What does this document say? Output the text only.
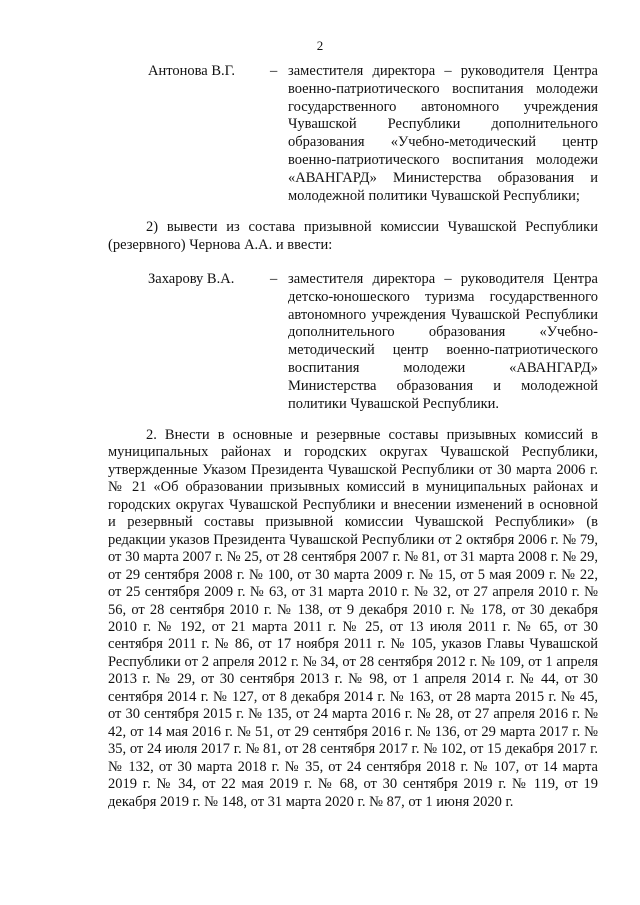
2
Антонова В.Г. – заместителя директора – руководителя Центра военно-патриотического воспитания молодежи государственного автономного учреждения Чувашской Республики дополнительного образования «Учебно-методический центр военно-патриотического воспитания молодежи «АВАНГАРД» Министерства образования и молодежной политики Чувашской Республики;
2) вывести из состава призывной комиссии Чувашской Республики (резервного) Чернова А.А. и ввести:
Захарову В.А. – заместителя директора – руководителя Центра детско-юношеского туризма государственного автономного учреждения Чувашской Республики дополнительного образования «Учебно-методический центр военно-патриотического воспитания молодежи «АВАНГАРД» Министерства образования и молодежной политики Чувашской Республики.
2. Внести в основные и резервные составы призывных комиссий в муниципальных районах и городских округах Чувашской Республики, утвержденные Указом Президента Чувашской Республики от 30 марта 2006 г. № 21 «Об образовании призывных комиссий в муниципальных районах и городских округах Чувашской Республики и внесении изменений в основной и резервный составы призывной комиссии Чувашской Республики» (в редакции указов Президента Чувашской Республики от 2 октября 2006 г. № 79, от 30 марта 2007 г. № 25, от 28 сентября 2007 г. № 81, от 31 марта 2008 г. № 29, от 29 сентября 2008 г. № 100, от 30 марта 2009 г. № 15, от 5 мая 2009 г. № 22, от 25 сентября 2009 г. № 63, от 31 марта 2010 г. № 32, от 27 апреля 2010 г. № 56, от 28 сентября 2010 г. № 138, от 9 декабря 2010 г. № 178, от 30 декабря 2010 г. № 192, от 21 марта 2011 г. № 25, от 13 июля 2011 г. № 65, от 30 сентября 2011 г. № 86, от 17 ноября 2011 г. № 105, указов Главы Чувашской Республики от 2 апреля 2012 г. № 34, от 28 сентября 2012 г. № 109, от 1 апреля 2013 г. № 29, от 30 сентября 2013 г. № 98, от 1 апреля 2014 г. № 44, от 30 сентября 2014 г. № 127, от 8 декабря 2014 г. № 163, от 28 марта 2015 г. № 45, от 30 сентября 2015 г. № 135, от 24 марта 2016 г. № 28, от 27 апреля 2016 г. № 42, от 14 мая 2016 г. № 51, от 29 сентября 2016 г. № 136, от 29 марта 2017 г. № 35, от 24 июля 2017 г. № 81, от 28 сентября 2017 г. № 102, от 15 декабря 2017 г. № 132, от 30 марта 2018 г. № 35, от 24 сентября 2018 г. № 107, от 14 марта 2019 г. № 34, от 22 мая 2019 г. № 68, от 30 сентября 2019 г. № 119, от 19 декабря 2019 г. № 148, от 31 марта 2020 г. № 87, от 1 июня 2020 г.
